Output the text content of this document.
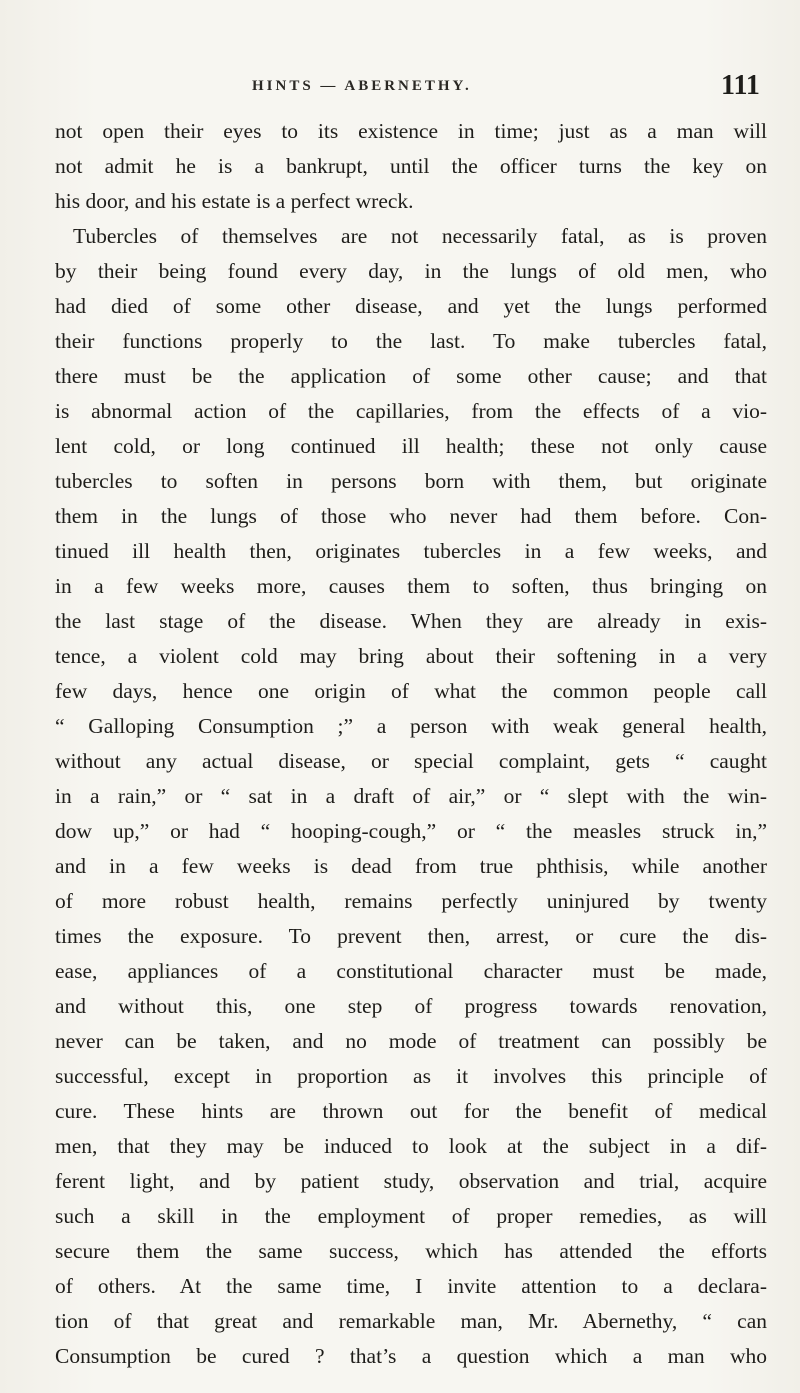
HINTS — ABERNETHY.	111
not open their eyes to its existence in time; just as a man will
not admit he is a bankrupt, until the officer turns the key on
his door, and his estate is a perfect wreck.
Tubercles of themselves are not necessarily fatal, as is proven
by their being found every day, in the lungs of old men, who
had died of some other disease, and yet the lungs performed
their functions properly to the last. To make tubercles fatal,
there must be the application of some other cause; and that
is abnormal action of the capillaries, from the effects of a vio-
lent cold, or long continued ill health; these not only cause
tubercles to soften in persons born with them, but originate
them in the lungs of those who never had them before. Con-
tinued ill health then, originates tubercles in a few weeks, and
in a few weeks more, causes them to soften, thus bringing on
the last stage of the disease. When they are already in exis-
tence, a violent cold may bring about their softening in a very
few days, hence one origin of what the common people call
“ Galloping Consumption ;” a person with weak general health,
without any actual disease, or special complaint, gets “ caught
in a rain,” or “ sat in a draft of air,” or “ slept with the win-
dow up,” or had “ hooping-cough,” or “ the measles struck in,”
and in a few weeks is dead from true phthisis, while another
of more robust health, remains perfectly uninjured by twenty
times the exposure. To prevent then, arrest, or cure the dis-
ease, appliances of a constitutional character must be made,
and without this, one step of progress towards renovation,
never can be taken, and no mode of treatment can possibly be
successful, except in proportion as it involves this principle of
cure. These hints are thrown out for the benefit of medical
men, that they may be induced to look at the subject in a dif-
ferent light, and by patient study, observation and trial, acquire
such a skill in the employment of proper remedies, as will
secure them the same success, which has attended the efforts
of others. At the same time, I invite attention to a declara-
tion of that great and remarkable man, Mr. Abernethy, “ can
Consumption be cured ? that’s a question which a man who
